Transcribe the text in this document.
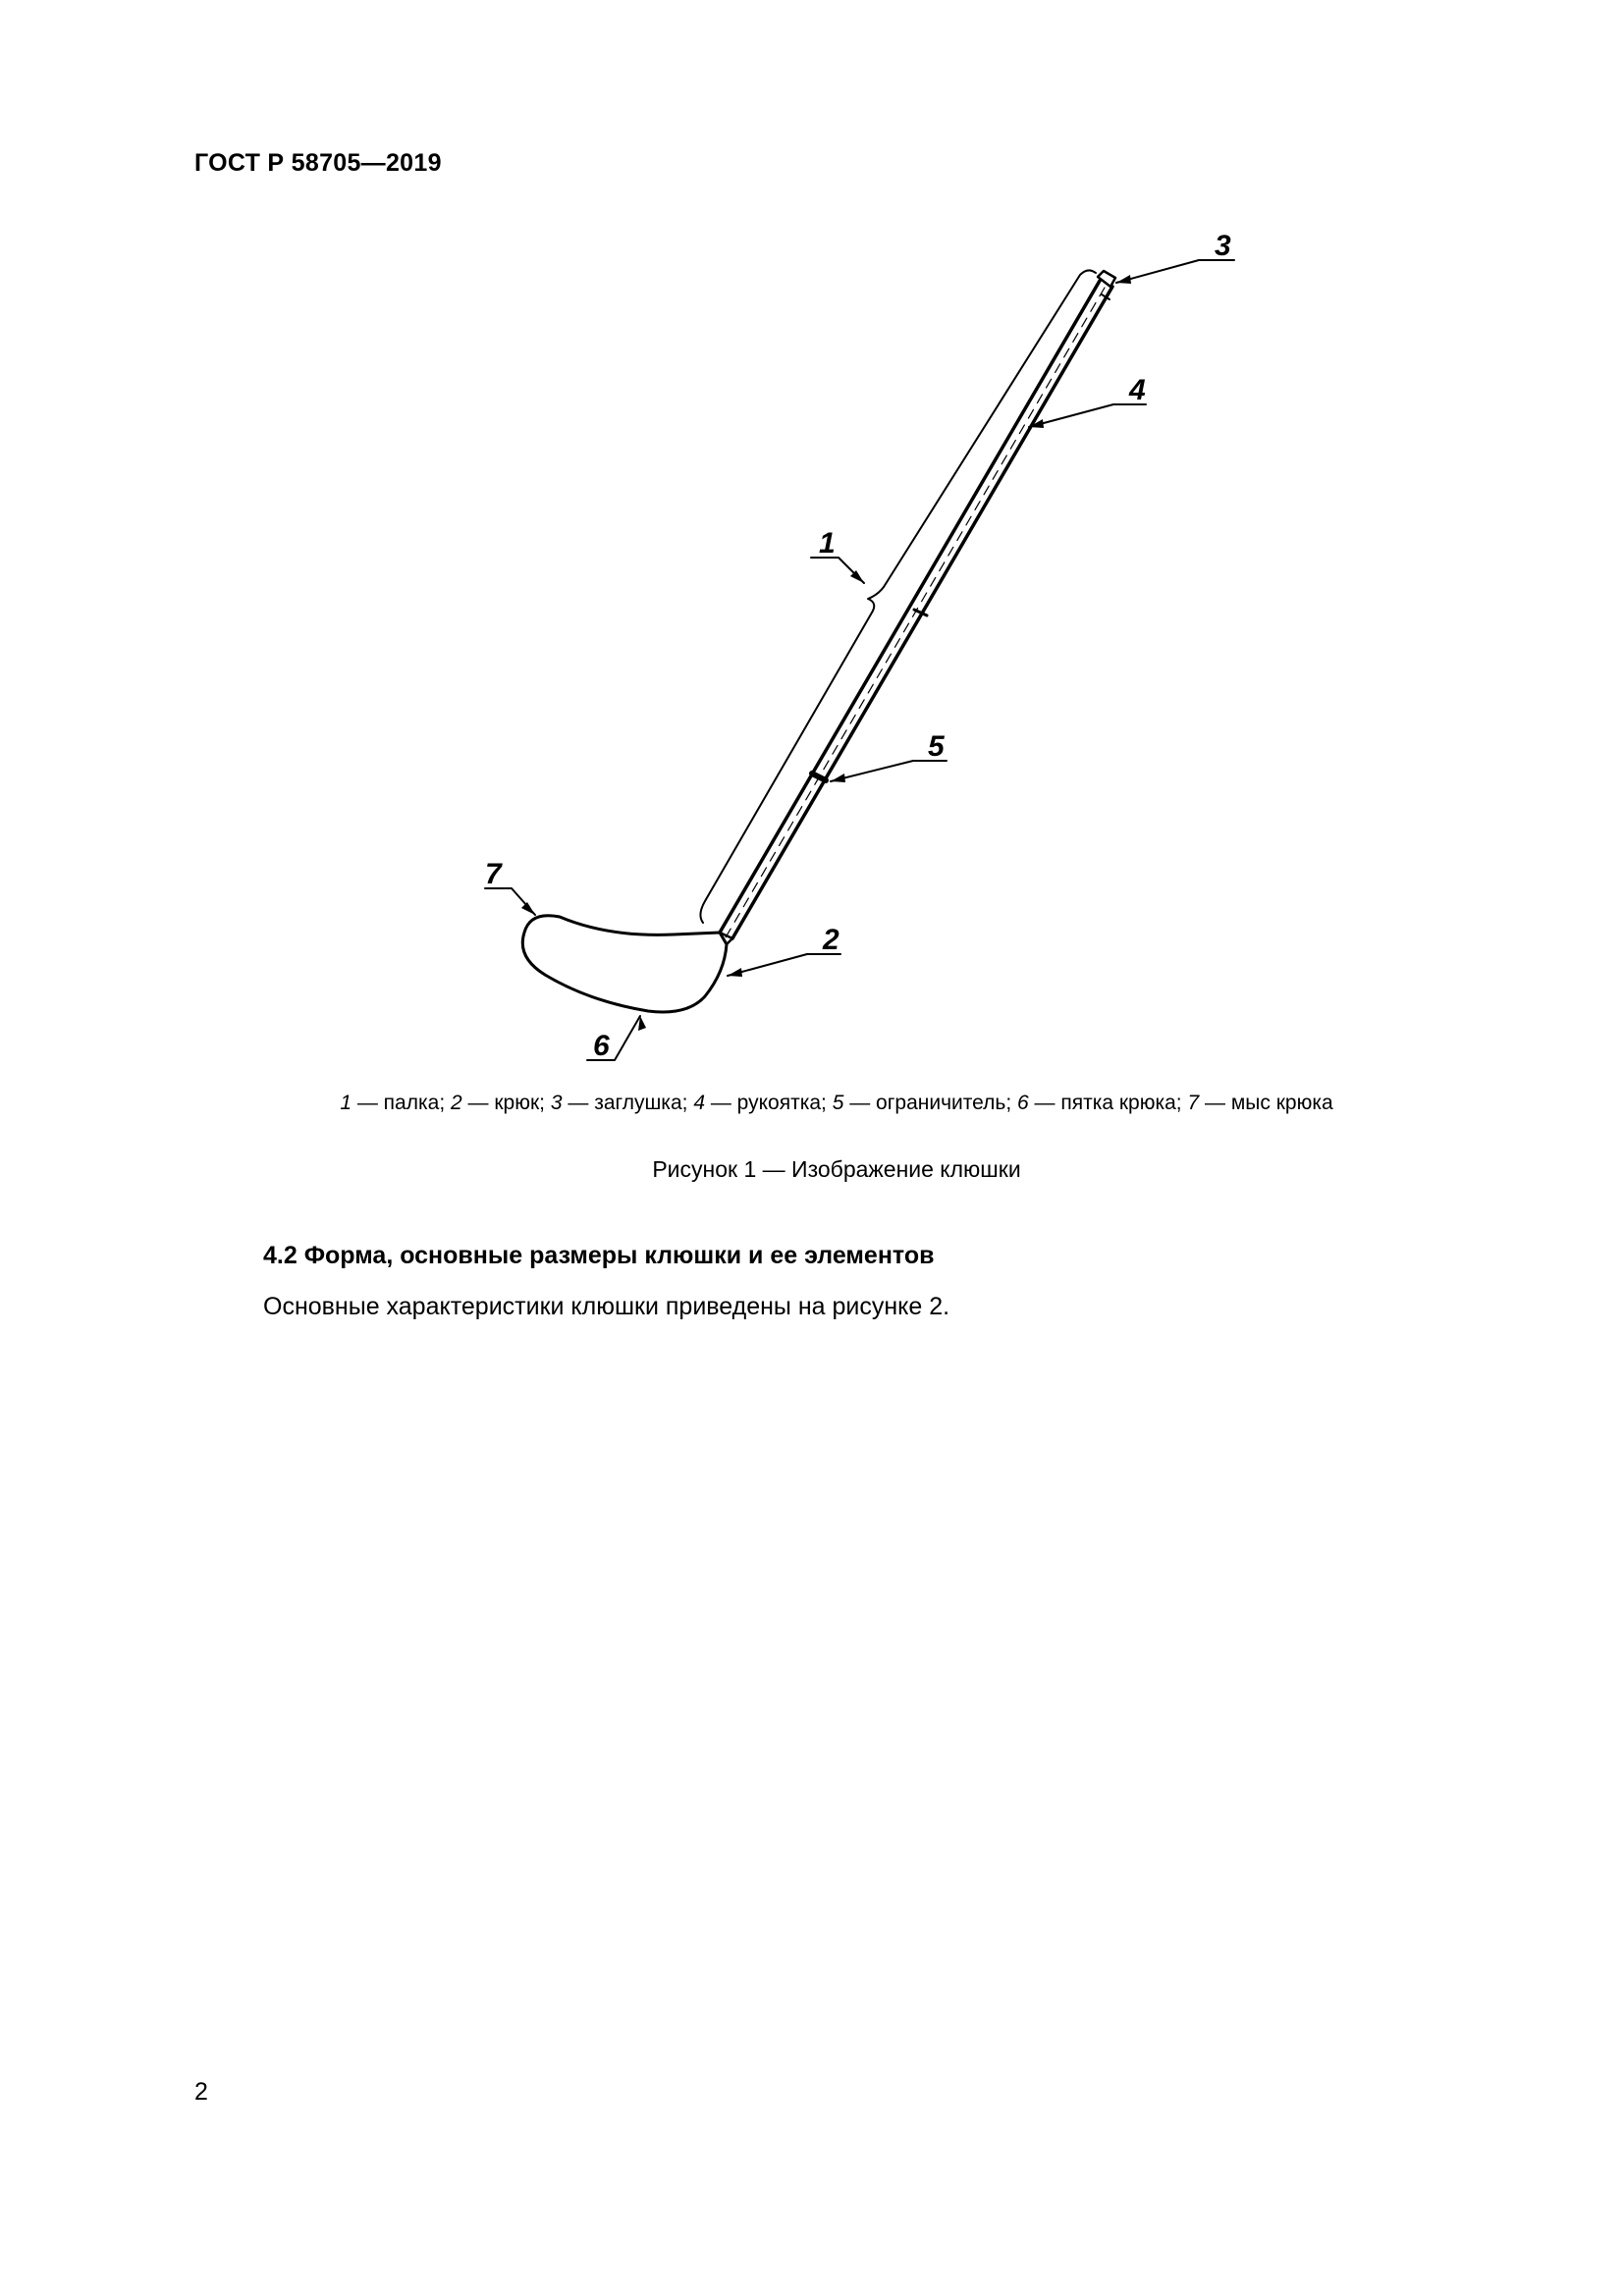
ГОСТ Р 58705—2019
3
4
1
5
2
7
6
1 — палка; 2 — крюк; 3 — заглушка; 4 — рукоятка; 5 — ограничитель; 6 — пятка крюка; 7 — мыс крюка
Рисунок 1 — Изображение клюшки
4.2 Форма, основные размеры клюшки и ее элементов
Основные характеристики клюшки приведены на рисунке 2.
2
